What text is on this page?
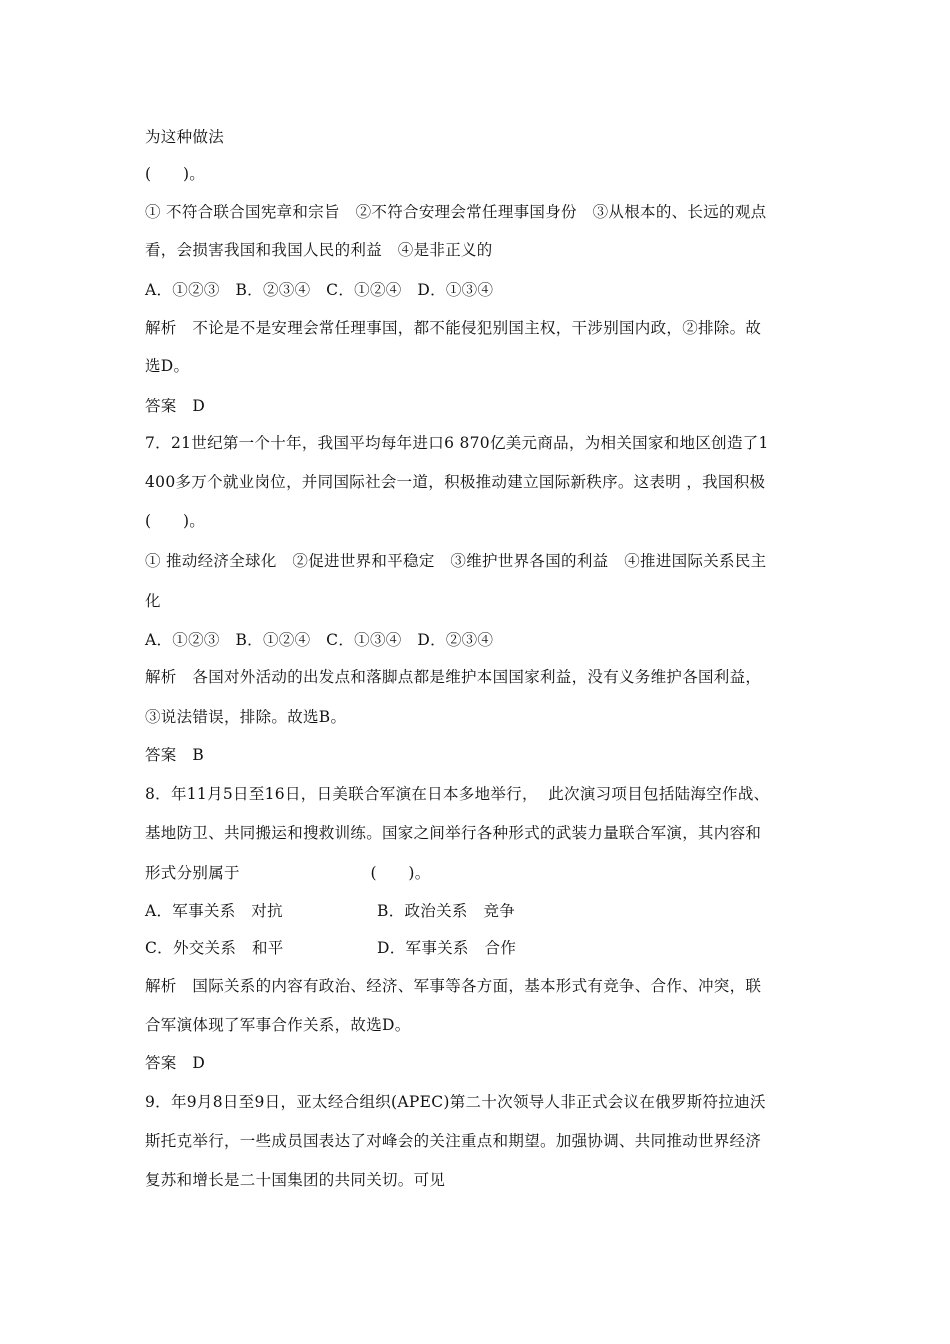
为这种做法
(　　)。
① 不符合联合国宪章和宗旨　②不符合安理会常任理事国身份　③从根本的、长远的观点
看，会损害我国和我国人民的利益　④是非正义的
A．①②③　B．②③④　C．①②④　D．①③④
解析　不论是不是安理会常任理事国，都不能侵犯别国主权，干涉别国内政，②排除。故
选D。
答案　D
7．21世纪第一个十年，我国平均每年进口6 870亿美元商品，为相关国家和地区创造了1
400多万个就业岗位，并同国际社会一道，积极推动建立国际新秩序。这表明 ，我国积极
(　　)。
① 推动经济全球化　②促进世界和平稳定　③维护世界各国的利益　④推进国际关系民主
化
A．①②③　B．①②④　C．①③④　D．②③④
解析　各国对外活动的出发点和落脚点都是维护本国国家利益，没有义务维护各国利益，
③说法错误，排除。故选B。
答案　B
8．年11月5日至16日，日美联合军演在日本多地举行，  此次演习项目包括陆海空作战、
基地防卫、共同搬运和搜救训练。国家之间举行各种形式的武装力量联合军演，其内容和
形式分别属于                         (　　)。
A．军事关系　对抗	B．政治关系　竞争
C．外交关系　和平	D．军事关系　合作
解析　国际关系的内容有政治、经济、军事等各方面，基本形式有竞争、合作、冲突，联
合军演体现了军事合作关系，故选D。
答案　D
9．年9月8日至9日，亚太经合组织(APEC)第二十次领导人非正式会议在俄罗斯符拉迪沃
斯托克举行，一些成员国表达了对峰会的关注重点和期望。加强协调、共同推动世界经济
复苏和增长是二十国集团的共同关切。可见
